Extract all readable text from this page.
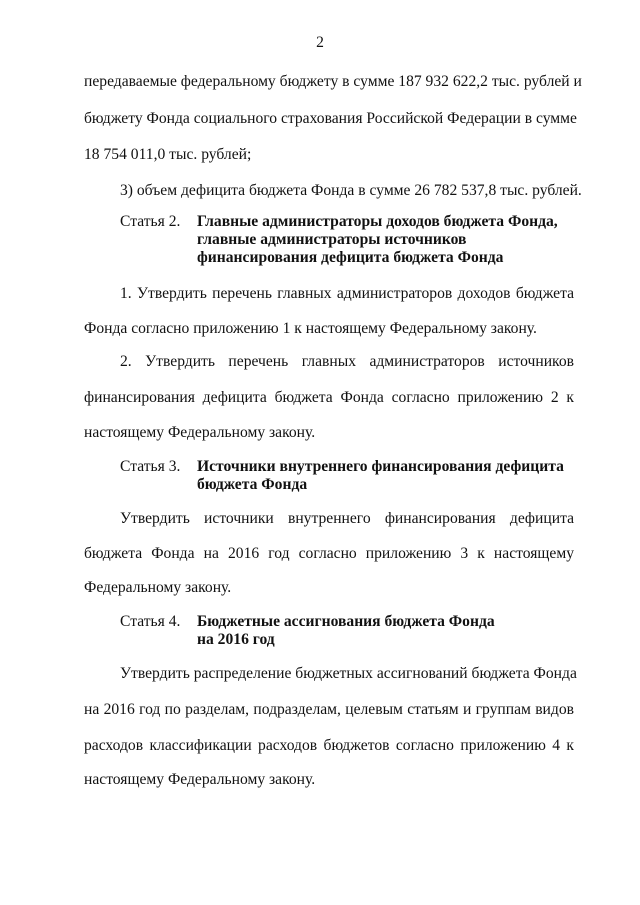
2
передаваемые федеральному бюджету в сумме 187 932 622,2 тыс. рублей и
бюджету Фонда социального страхования Российской Федерации в сумме
18 754 011,0 тыс. рублей;
3) объем дефицита бюджета Фонда в сумме 26 782 537,8 тыс. рублей.
Статья 2. Главные администраторы доходов бюджета Фонда,
главные администраторы источников
финансирования дефицита бюджета Фонда
1. Утвердить перечень главных администраторов доходов бюджета
Фонда согласно приложению 1 к настоящему Федеральному закону.
2. Утвердить перечень главных администраторов источников
финансирования дефицита бюджета Фонда согласно приложению 2 к
настоящему Федеральному закону.
Статья 3. Источники внутреннего финансирования дефицита
бюджета Фонда
Утвердить источники внутреннего финансирования дефицита
бюджета Фонда на 2016 год согласно приложению 3 к настоящему
Федеральному закону.
Статья 4. Бюджетные ассигнования бюджета Фонда
на 2016 год
Утвердить распределение бюджетных ассигнований бюджета Фонда
на 2016 год по разделам, подразделам, целевым статьям и группам видов
расходов классификации расходов бюджетов согласно приложению 4 к
настоящему Федеральному закону.
